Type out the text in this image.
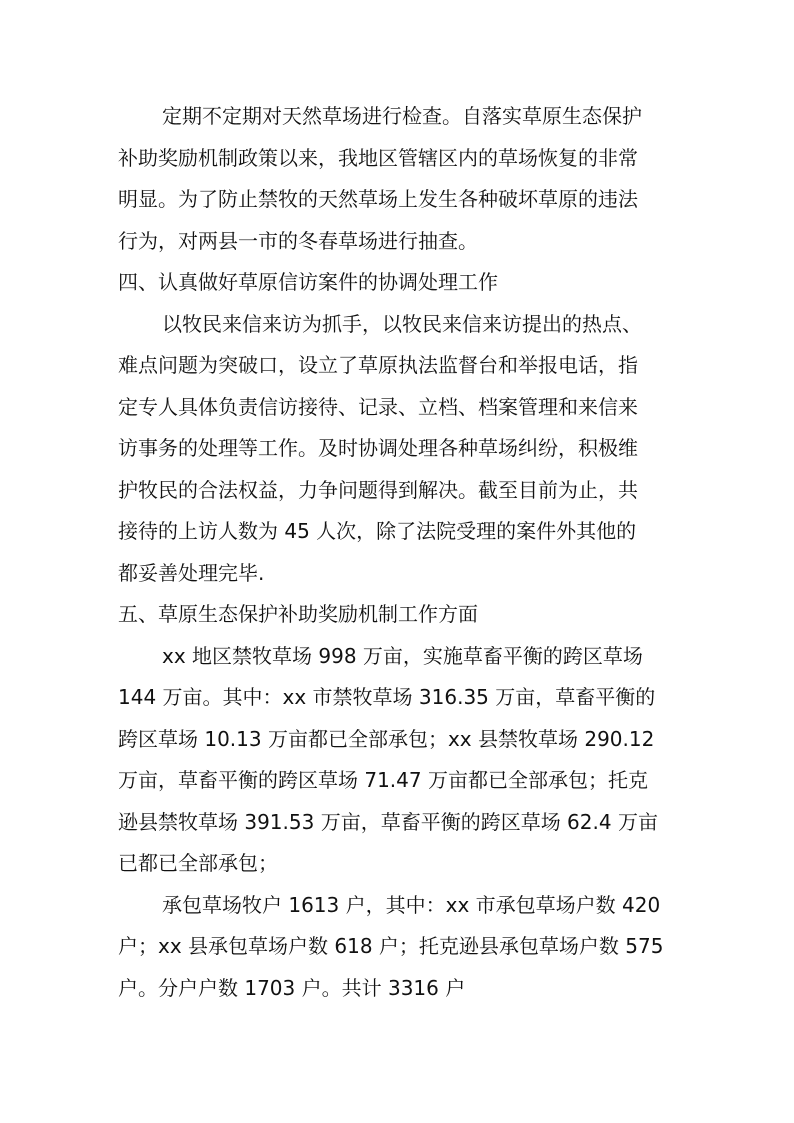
定期不定期对天然草场进行检查。自落实草原生态保护
补助奖励机制政策以来，我地区管辖区内的草场恢复的非常
明显。为了防止禁牧的天然草场上发生各种破坏草原的违法
行为，对两县一市的冬春草场进行抽查。
四、认真做好草原信访案件的协调处理工作
以牧民来信来访为抓手，以牧民来信来访提出的热点、
难点问题为突破口，设立了草原执法监督台和举报电话，指
定专人具体负责信访接待、记录、立档、档案管理和来信来
访事务的处理等工作。及时协调处理各种草场纠纷，积极维
护牧民的合法权益，力争问题得到解决。截至目前为止，共
接待的上访人数为 45 人次，除了法院受理的案件外其他的
都妥善处理完毕.
五、草原生态保护补助奖励机制工作方面
xx 地区禁牧草场 998 万亩，实施草畜平衡的跨区草场
144 万亩。其中：xx 市禁牧草场 316.35 万亩，草畜平衡的
跨区草场 10.13 万亩都已全部承包；xx 县禁牧草场 290.12
万亩，草畜平衡的跨区草场 71.47 万亩都已全部承包；托克
逊县禁牧草场 391.53 万亩，草畜平衡的跨区草场 62.4 万亩
已都已全部承包；
承包草场牧户 1613 户，其中：xx 市承包草场户数 420
户；xx 县承包草场户数 618 户；托克逊县承包草场户数 575
户。分户户数 1703 户。共计 3316 户
